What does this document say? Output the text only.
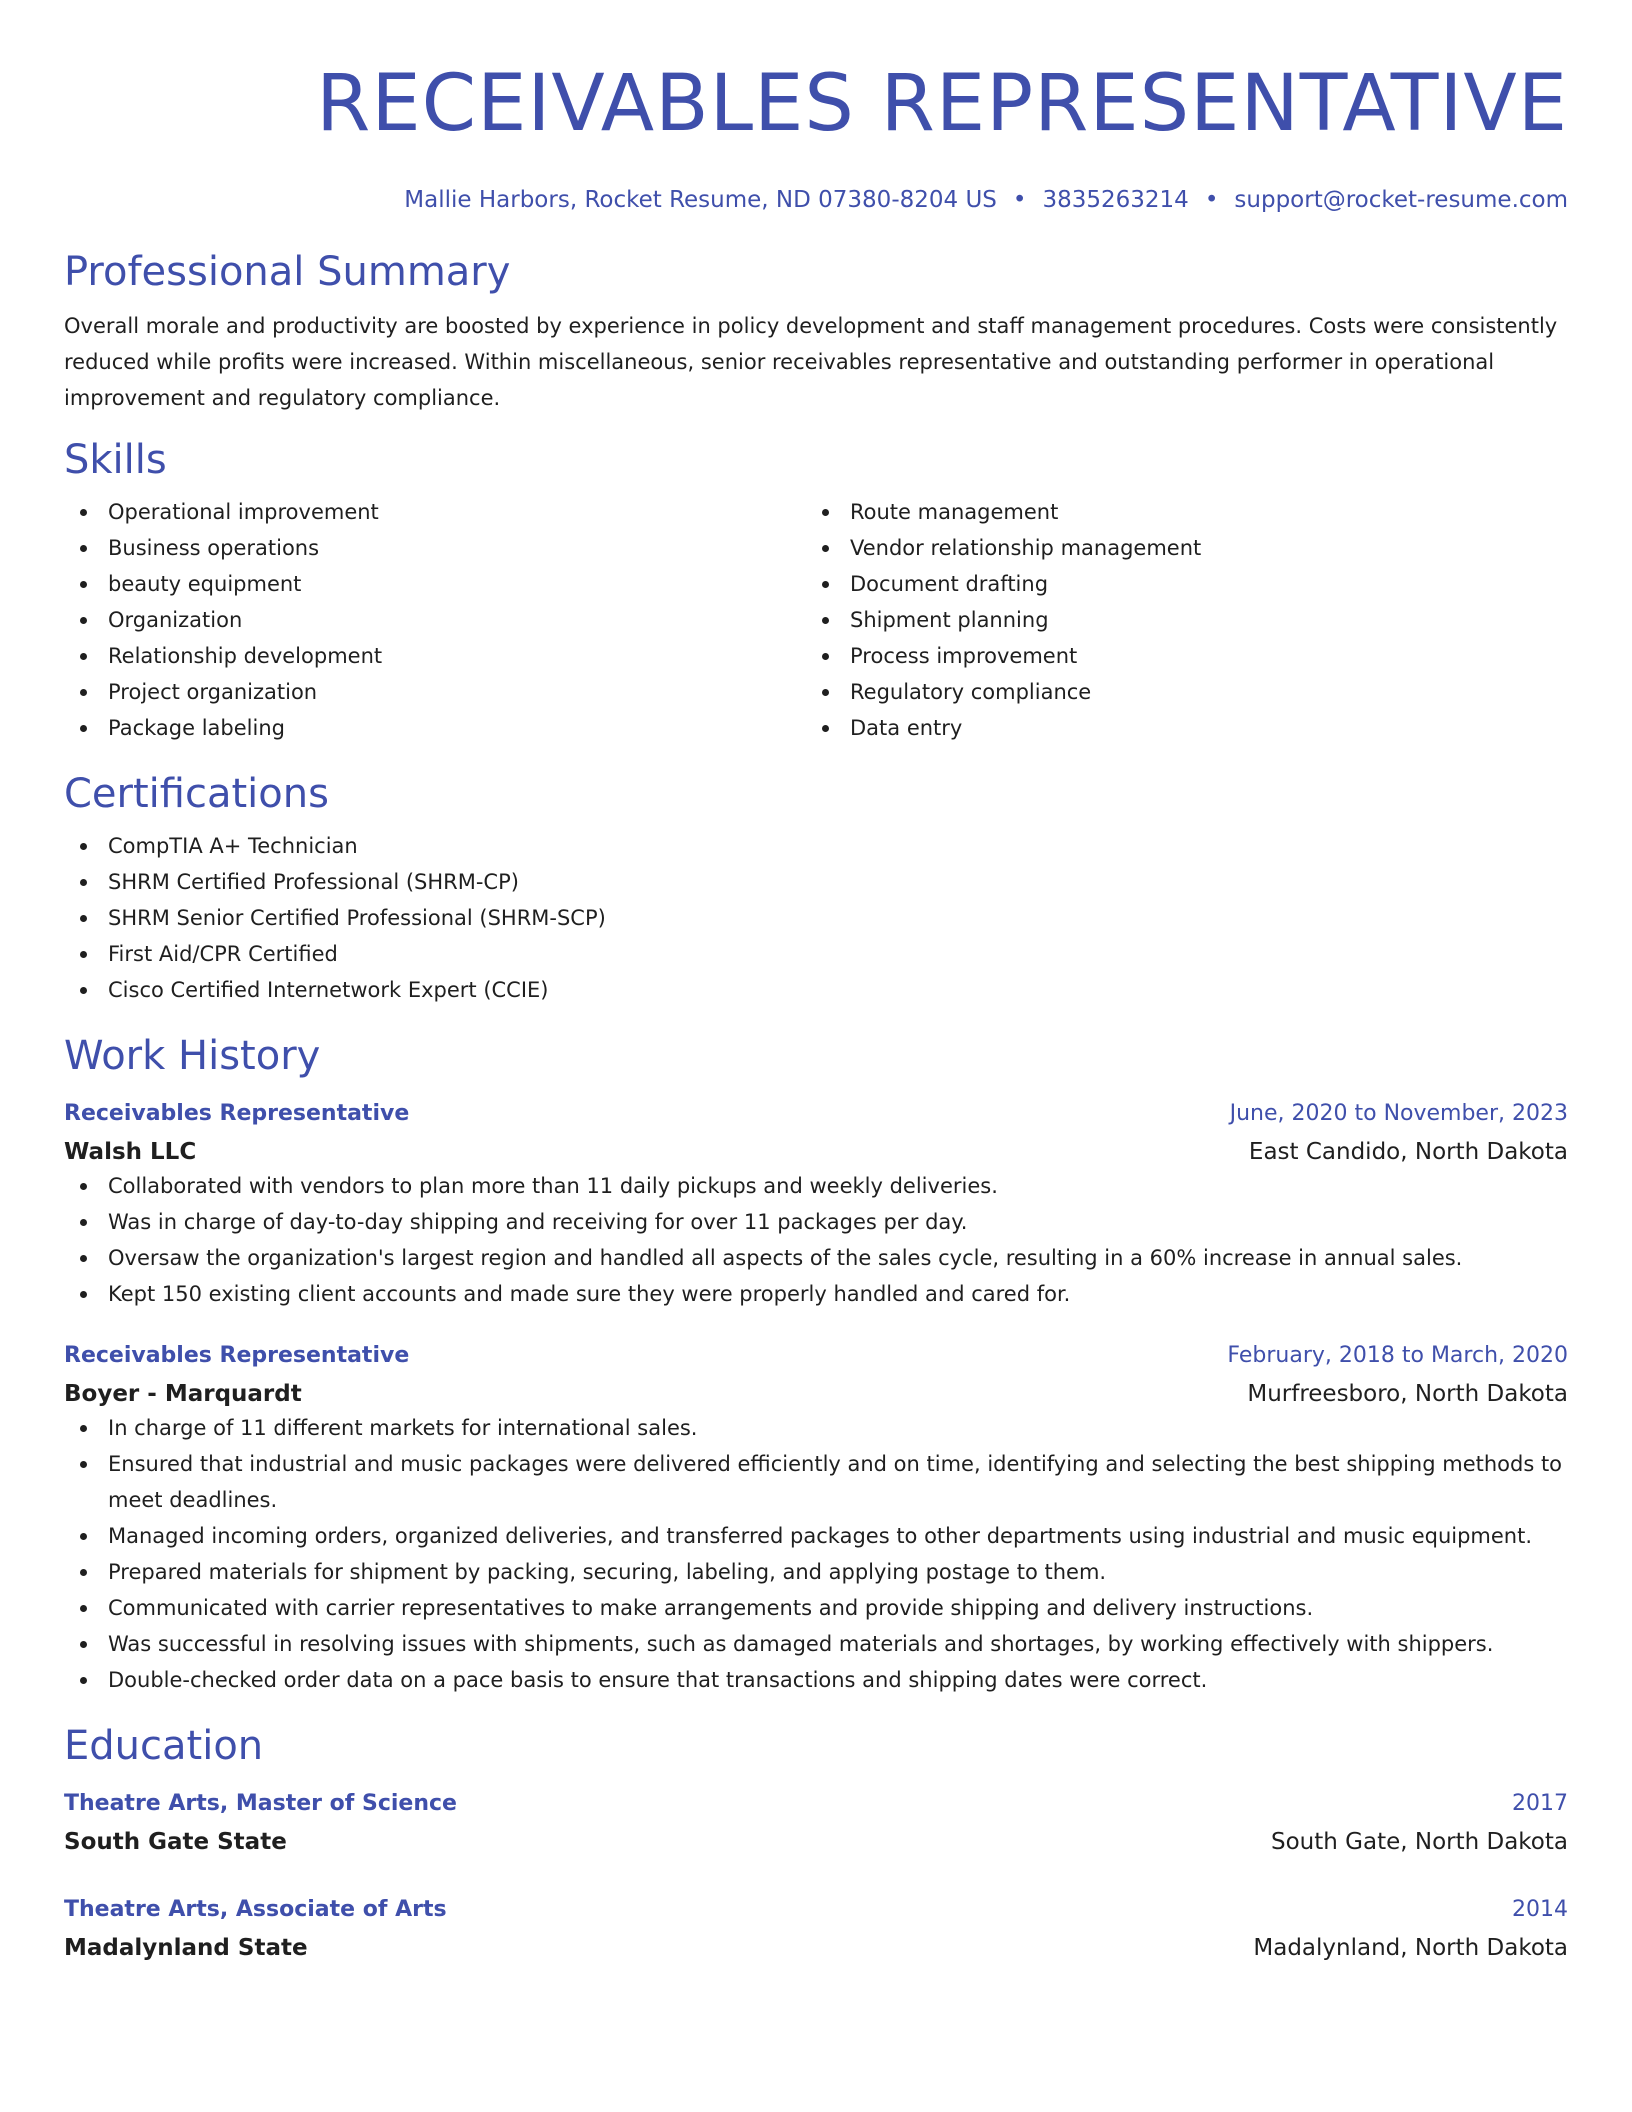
RECEIVABLES REPRESENTATIVE
Mallie Harbors, Rocket Resume, ND 07380-8204 US • 3835263214 • support@rocket-resume.com
Professional Summary
Overall morale and productivity are boosted by experience in policy development and staff management procedures. Costs were consistently reduced while profits were increased. Within miscellaneous, senior receivables representative and outstanding performer in operational improvement and regulatory compliance.
Skills
Operational improvement
Business operations
beauty equipment
Organization
Relationship development
Project organization
Package labeling
Route management
Vendor relationship management
Document drafting
Shipment planning
Process improvement
Regulatory compliance
Data entry
Certifications
CompTIA A+ Technician
SHRM Certified Professional (SHRM-CP)
SHRM Senior Certified Professional (SHRM-SCP)
First Aid/CPR Certified
Cisco Certified Internetwork Expert (CCIE)
Work History
Receivables Representative	June, 2020 to November, 2023
Walsh LLC	East Candido, North Dakota
Collaborated with vendors to plan more than 11 daily pickups and weekly deliveries.
Was in charge of day-to-day shipping and receiving for over 11 packages per day.
Oversaw the organization's largest region and handled all aspects of the sales cycle, resulting in a 60% increase in annual sales.
Kept 150 existing client accounts and made sure they were properly handled and cared for.
Receivables Representative	February, 2018 to March, 2020
Boyer - Marquardt	Murfreesboro, North Dakota
In charge of 11 different markets for international sales.
Ensured that industrial and music packages were delivered efficiently and on time, identifying and selecting the best shipping methods to meet deadlines.
Managed incoming orders, organized deliveries, and transferred packages to other departments using industrial and music equipment.
Prepared materials for shipment by packing, securing, labeling, and applying postage to them.
Communicated with carrier representatives to make arrangements and provide shipping and delivery instructions.
Was successful in resolving issues with shipments, such as damaged materials and shortages, by working effectively with shippers.
Double-checked order data on a pace basis to ensure that transactions and shipping dates were correct.
Education
Theatre Arts, Master of Science	2017
South Gate State	South Gate, North Dakota
Theatre Arts, Associate of Arts	2014
Madalynland State	Madalynland, North Dakota
